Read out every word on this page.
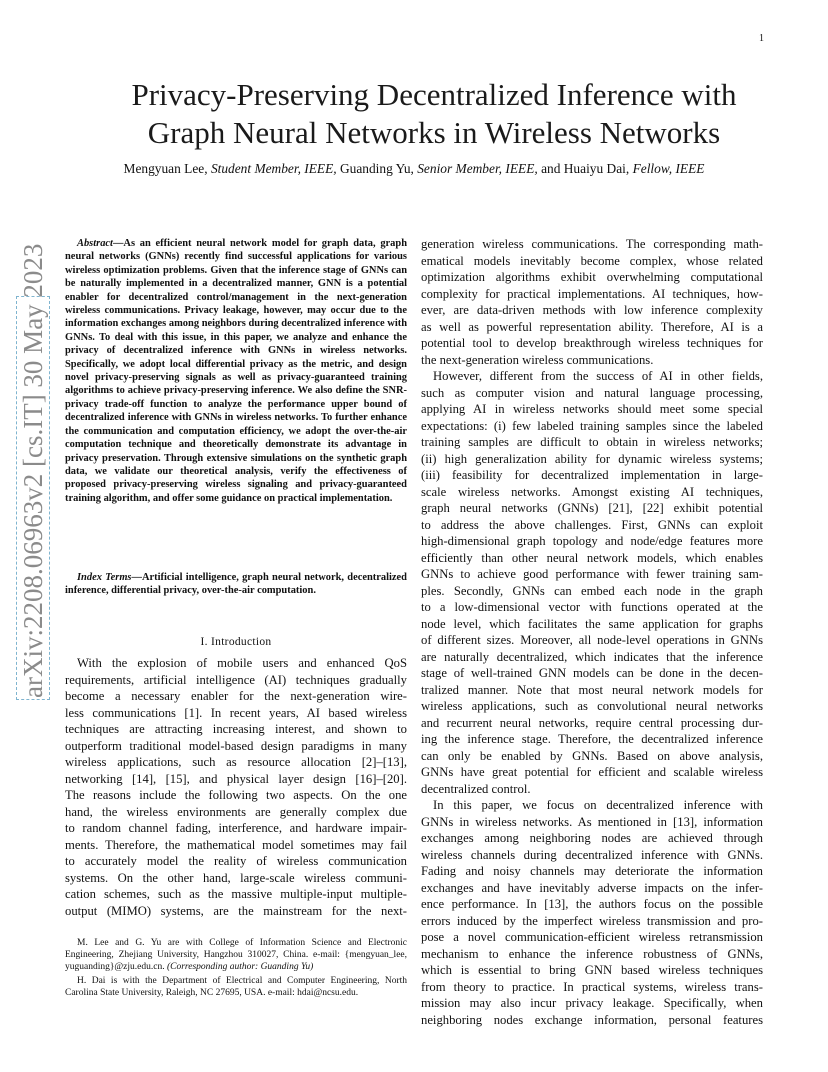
1
arXiv:2208.06963v2 [cs.IT] 30 May 2023
Privacy-Preserving Decentralized Inference with
Graph Neural Networks in Wireless Networks
Mengyuan Lee, Student Member, IEEE, Guanding Yu, Senior Member, IEEE, and Huaiyu Dai, Fellow, IEEE
Abstract—As an efficient neural network model for graph data, graph neural networks (GNNs) recently find successful applications for various wireless optimization problems. Given that the inference stage of GNNs can be naturally implemented in a decentralized manner, GNN is a potential enabler for decentralized control/management in the next-generation wireless communications. Privacy leakage, however, may occur due to the information exchanges among neighbors during decentralized inference with GNNs. To deal with this issue, in this paper, we analyze and enhance the privacy of decentralized inference with GNNs in wireless networks. Specifically, we adopt local differential privacy as the metric, and design novel privacy-preserving signals as well as privacy-guaranteed training algorithms to achieve privacy-preserving inference. We also define the SNR-privacy trade-off function to analyze the performance upper bound of decentralized inference with GNNs in wireless networks. To further enhance the communication and computation efficiency, we adopt the over-the-air computation technique and theoretically demonstrate its advantage in privacy preservation. Through extensive simulations on the synthetic graph data, we validate our theoretical analysis, verify the effectiveness of proposed privacy-preserving wireless signaling and privacy-guaranteed training algorithm, and offer some guidance on practical implementation.
Index Terms—Artificial intelligence, graph neural network, decentralized inference, differential privacy, over-the-air computation.
I. Introduction
With the explosion of mobile users and enhanced QoS
requirements, artificial intelligence (AI) techniques gradually
become a necessary enabler for the next-generation wire-
less communications [1]. In recent years, AI based wireless
techniques are attracting increasing interest, and shown to
outperform traditional model-based design paradigms in many
wireless applications, such as resource allocation [2]–[13],
networking [14], [15], and physical layer design [16]–[20].
The reasons include the following two aspects. On the one
hand, the wireless environments are generally complex due
to random channel fading, interference, and hardware impair-
ments. Therefore, the mathematical model sometimes may fail
to accurately model the reality of wireless communication
systems. On the other hand, large-scale wireless communi-
cation schemes, such as the massive multiple-input multiple-
output (MIMO) systems, are the mainstream for the next-
M. Lee and G. Yu are with College of Information Science and Electronic Engineering, Zhejiang University, Hangzhou 310027, China. e-mail: {mengyuan_lee, yuguanding}@zju.edu.cn. (Corresponding author: Guanding Yu)
H. Dai is with the Department of Electrical and Computer Engineering, North Carolina State University, Raleigh, NC 27695, USA. e-mail: hdai@ncsu.edu.
generation wireless communications. The corresponding math-
ematical models inevitably become complex, whose related
optimization algorithms exhibit overwhelming computational
complexity for practical implementations. AI techniques, how-
ever, are data-driven methods with low inference complexity
as well as powerful representation ability. Therefore, AI is a
potential tool to develop breakthrough wireless techniques for
the next-generation wireless communications.
However, different from the success of AI in other fields,
such as computer vision and natural language processing,
applying AI in wireless networks should meet some special
expectations: (i) few labeled training samples since the labeled
training samples are difficult to obtain in wireless networks;
(ii) high generalization ability for dynamic wireless systems;
(iii) feasibility for decentralized implementation in large-
scale wireless networks. Amongst existing AI techniques,
graph neural networks (GNNs) [21], [22] exhibit potential
to address the above challenges. First, GNNs can exploit
high-dimensional graph topology and node/edge features more
efficiently than other neural network models, which enables
GNNs to achieve good performance with fewer training sam-
ples. Secondly, GNNs can embed each node in the graph
to a low-dimensional vector with functions operated at the
node level, which facilitates the same application for graphs
of different sizes. Moreover, all node-level operations in GNNs
are naturally decentralized, which indicates that the inference
stage of well-trained GNN models can be done in the decen-
tralized manner. Note that most neural network models for
wireless applications, such as convolutional neural networks
and recurrent neural networks, require central processing dur-
ing the inference stage. Therefore, the decentralized inference
can only be enabled by GNNs. Based on above analysis,
GNNs have great potential for efficient and scalable wireless
decentralized control.
In this paper, we focus on decentralized inference with
GNNs in wireless networks. As mentioned in [13], information
exchanges among neighboring nodes are achieved through
wireless channels during decentralized inference with GNNs.
Fading and noisy channels may deteriorate the information
exchanges and have inevitably adverse impacts on the infer-
ence performance. In [13], the authors focus on the possible
errors induced by the imperfect wireless transmission and pro-
pose a novel communication-efficient wireless retransmission
mechanism to enhance the inference robustness of GNNs,
which is essential to bring GNN based wireless techniques
from theory to practice. In practical systems, wireless trans-
mission may also incur privacy leakage. Specifically, when
neighboring nodes exchange information, personal features
